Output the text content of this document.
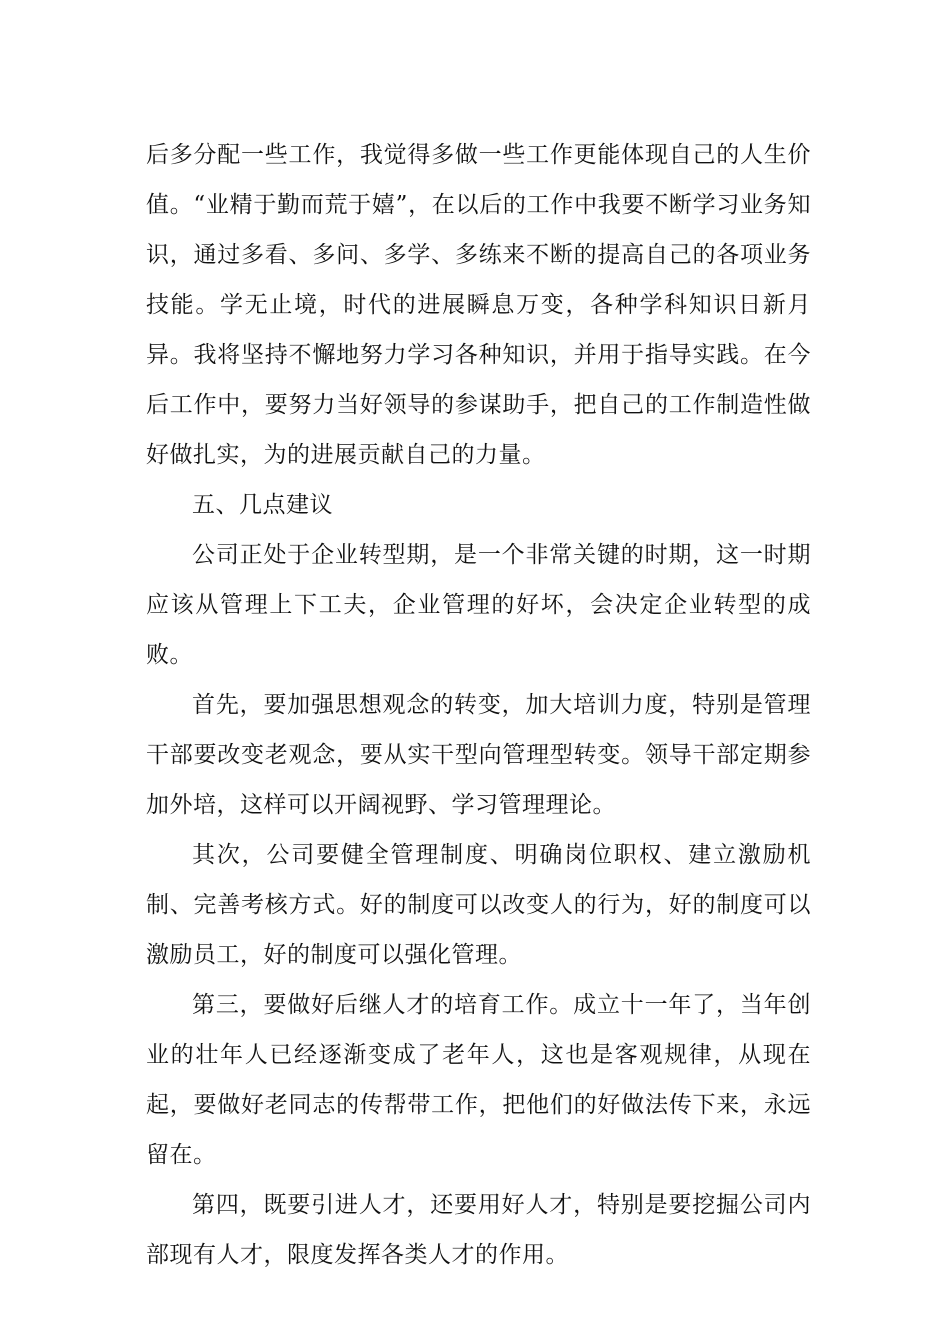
后多分配一些工作，我觉得多做一些工作更能体现自己的人生价值。“业精于勤而荒于嬉”，在以后的工作中我要不断学习业务知识，通过多看、多问、多学、多练来不断的提高自己的各项业务技能。学无止境，时代的进展瞬息万变，各种学科知识日新月异。我将坚持不懈地努力学习各种知识，并用于指导实践。在今后工作中，要努力当好领导的参谋助手，把自己的工作制造性做好做扎实，为的进展贡献自己的力量。

五、几点建议

公司正处于企业转型期，是一个非常关键的时期，这一时期应该从管理上下工夫，企业管理的好坏，会决定企业转型的成败。

首先，要加强思想观念的转变，加大培训力度，特别是管理干部要改变老观念，要从实干型向管理型转变。领导干部定期参加外培，这样可以开阔视野、学习管理理论。

其次，公司要健全管理制度、明确岗位职权、建立激励机制、完善考核方式。好的制度可以改变人的行为，好的制度可以激励员工，好的制度可以强化管理。

第三，要做好后继人才的培育工作。成立十一年了，当年创业的壮年人已经逐渐变成了老年人，这也是客观规律，从现在起，要做好老同志的传帮带工作，把他们的好做法传下来，永远留在。

第四，既要引进人才，还要用好人才，特别是要挖掘公司内部现有人才，限度发挥各类人才的作用。
